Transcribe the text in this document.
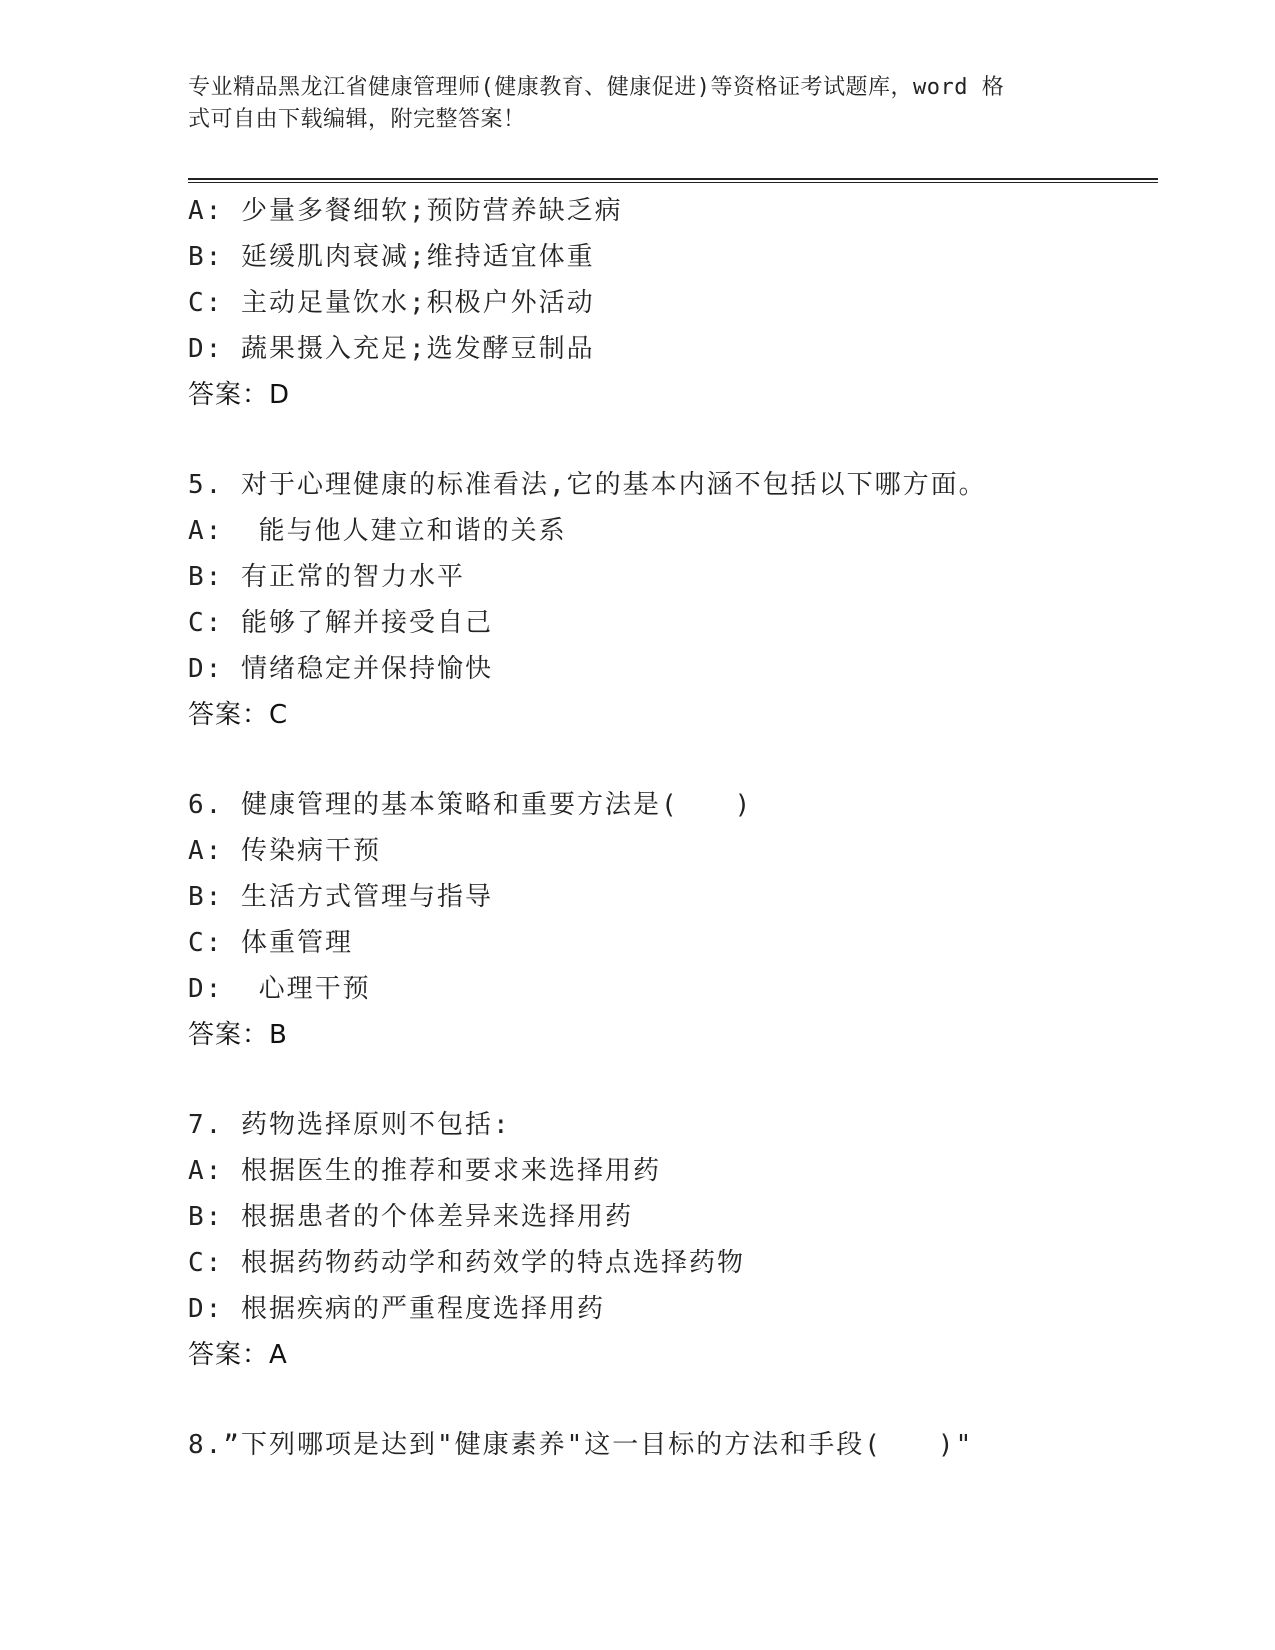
专业精品黑龙江省健康管理师(健康教育、健康促进)等资格证考试题库，word 格
式可自由下载编辑，附完整答案！
A: 少量多餐细软;预防营养缺乏病
B: 延缓肌肉衰减;维持适宜体重
C: 主动足量饮水;积极户外活动
D: 蔬果摄入充足;选发酵豆制品
答案：D
5. 对于心理健康的标准看法,它的基本内涵不包括以下哪方面。
A:  能与他人建立和谐的关系
B: 有正常的智力水平
C: 能够了解并接受自己
D: 情绪稳定并保持愉快
答案：C
6. 健康管理的基本策略和重要方法是(　　)
A: 传染病干预
B: 生活方式管理与指导
C: 体重管理
D:  心理干预
答案：B
7. 药物选择原则不包括:
A: 根据医生的推荐和要求来选择用药
B: 根据患者的个体差异来选择用药
C: 根据药物药动学和药效学的特点选择药物
D: 根据疾病的严重程度选择用药
答案：A
8.”下列哪项是达到"健康素养"这一目标的方法和手段(　　)"
